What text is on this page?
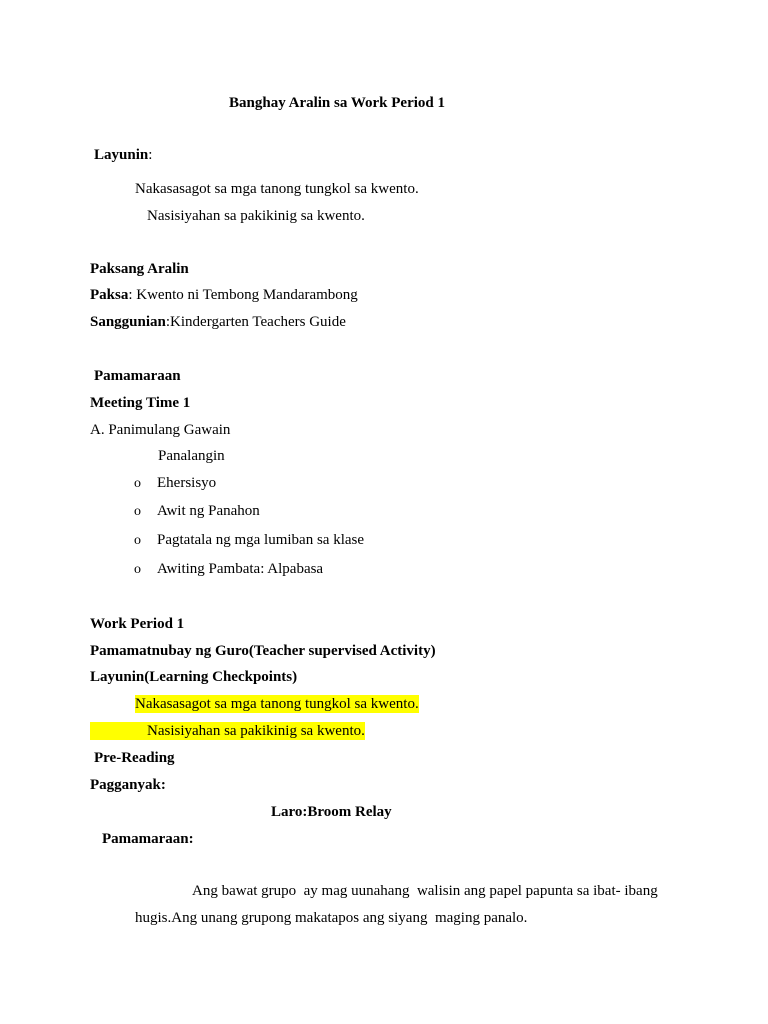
Banghay Aralin sa Work Period 1
Layunin:
Nakasasagot sa mga tanong tungkol sa kwento.
Nasisiyahan sa pakikinig sa kwento.
Paksang Aralin
Paksa: Kwento ni Tembong Mandarambong
Sanggunian:Kindergarten Teachers Guide
Pamamaraan
Meeting Time 1
A. Panimulang Gawain
Panalangin
o Ehersisyo
o Awit ng Panahon
o Pagtatala ng mga lumiban sa klase
o Awiting Pambata: Alpabasa
Work Period 1
Pamamatnubay ng Guro(Teacher supervised Activity)
Layunin(Learning Checkpoints)
Nakasasagot sa mga tanong tungkol sa kwento.
Nasisiyahan sa pakikinig sa kwento.
Pre-Reading
Pagganyak:
Laro:Broom Relay
Pamamaraan:
Ang bawat grupo  ay mag uunahang  walisin ang papel papunta sa ibat- ibang
hugis.Ang unang grupong makatapos ang siyang  maging panalo.
